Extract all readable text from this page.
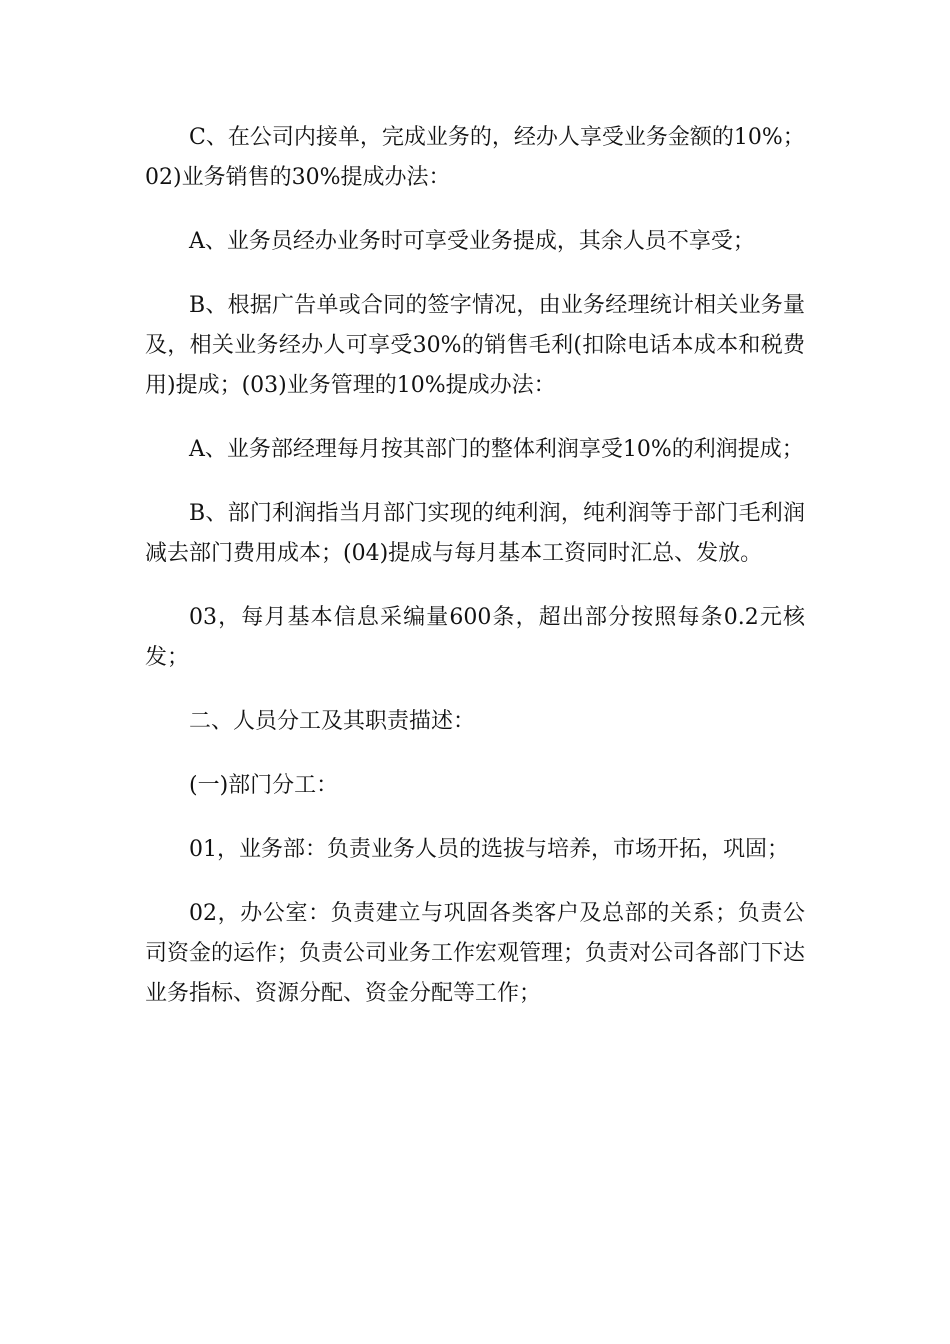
C、在公司内接单，完成业务的，经办人享受业务金额的10%；

02)业务销售的30%提成办法：

A、业务员经办业务时可享受业务提成，其余人员不享受；

B、根据广告单或合同的签字情况，由业务经理统计相关业务量及，相关业务经办人可享受30%的销售毛利(扣除电话本成本和税费用)提成；(03)业务管理的10%提成办法：

A、业务部经理每月按其部门的整体利润享受10%的利润提成；

B、部门利润指当月部门实现的纯利润，纯利润等于部门毛利润减去部门费用成本；(04)提成与每月基本工资同时汇总、发放。

03，每月基本信息采编量600条，超出部分按照每条0.2元核发；

二、人员分工及其职责描述：

(一)部门分工：

01，业务部：负责业务人员的选拔与培养，市场开拓，巩固；

02，办公室：负责建立与巩固各类客户及总部的关系；负责公司资金的运作；负责公司业务工作宏观管理；负责对公司各部门下达业务指标、资源分配、资金分配等工作；
